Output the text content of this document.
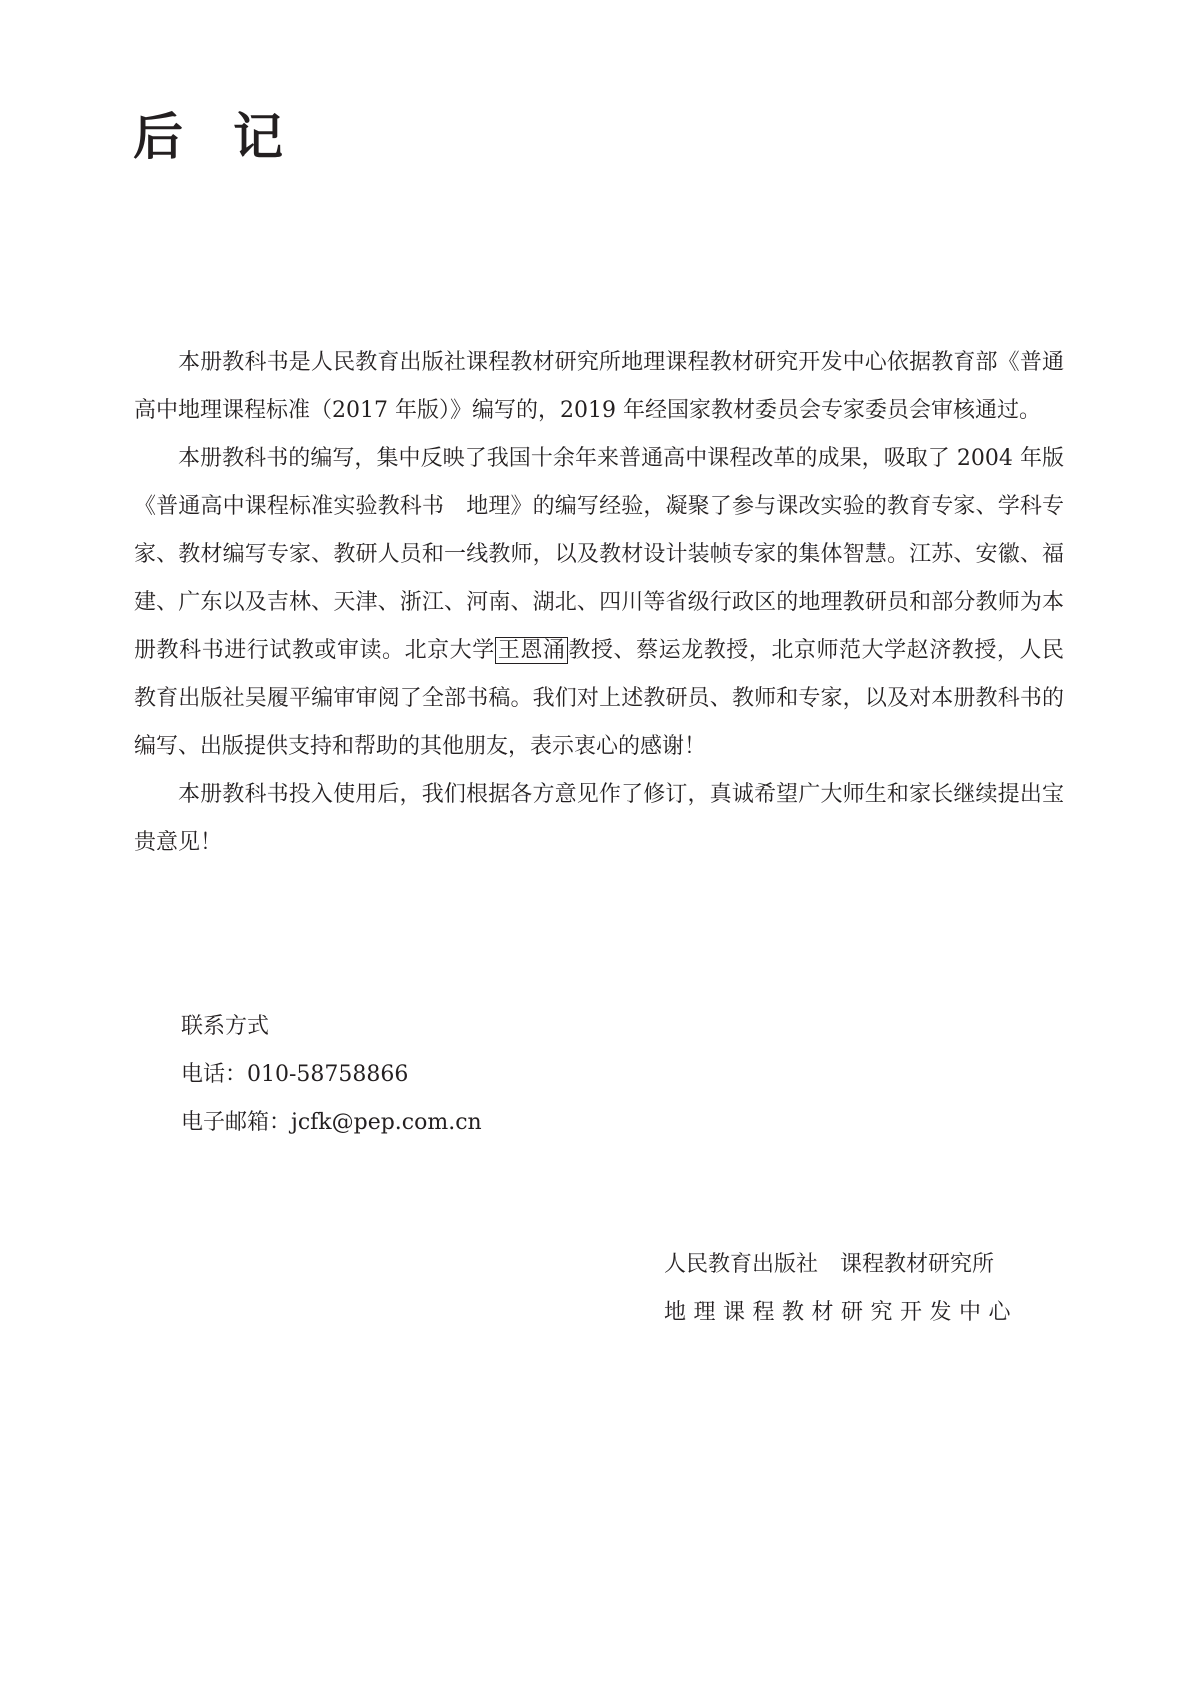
后 记

本册教科书是人民教育出版社课程教材研究所地理课程教材研究开发中心依据教育部《普通高中地理课程标准（2017 年版）》编写的，2019 年经国家教材委员会专家委员会审核通过。

本册教科书的编写，集中反映了我国十余年来普通高中课程改革的成果，吸取了 2004 年版《普通高中课程标准实验教科书　地理》的编写经验，凝聚了参与课改实验的教育专家、学科专家、教材编写专家、教研人员和一线教师，以及教材设计装帧专家的集体智慧。江苏、安徽、福建、广东以及吉林、天津、浙江、河南、湖北、四川等省级行政区的地理教研员和部分教师为本册教科书进行试教或审读。北京大学 王恩涌 教授、蔡运龙教授，北京师范大学赵济教授，人民教育出版社吴履平编审审阅了全部书稿。我们对上述教研员、教师和专家，以及对本册教科书的编写、出版提供支持和帮助的其他朋友，表示衷心的感谢！

本册教科书投入使用后，我们根据各方意见作了修订，真诚希望广大师生和家长继续提出宝贵意见！

联系方式
电话：010-58758866
电子邮箱：jcfk@pep.com.cn
人民教育出版社 课程教材研究所
地理课程教材研究开发中心
